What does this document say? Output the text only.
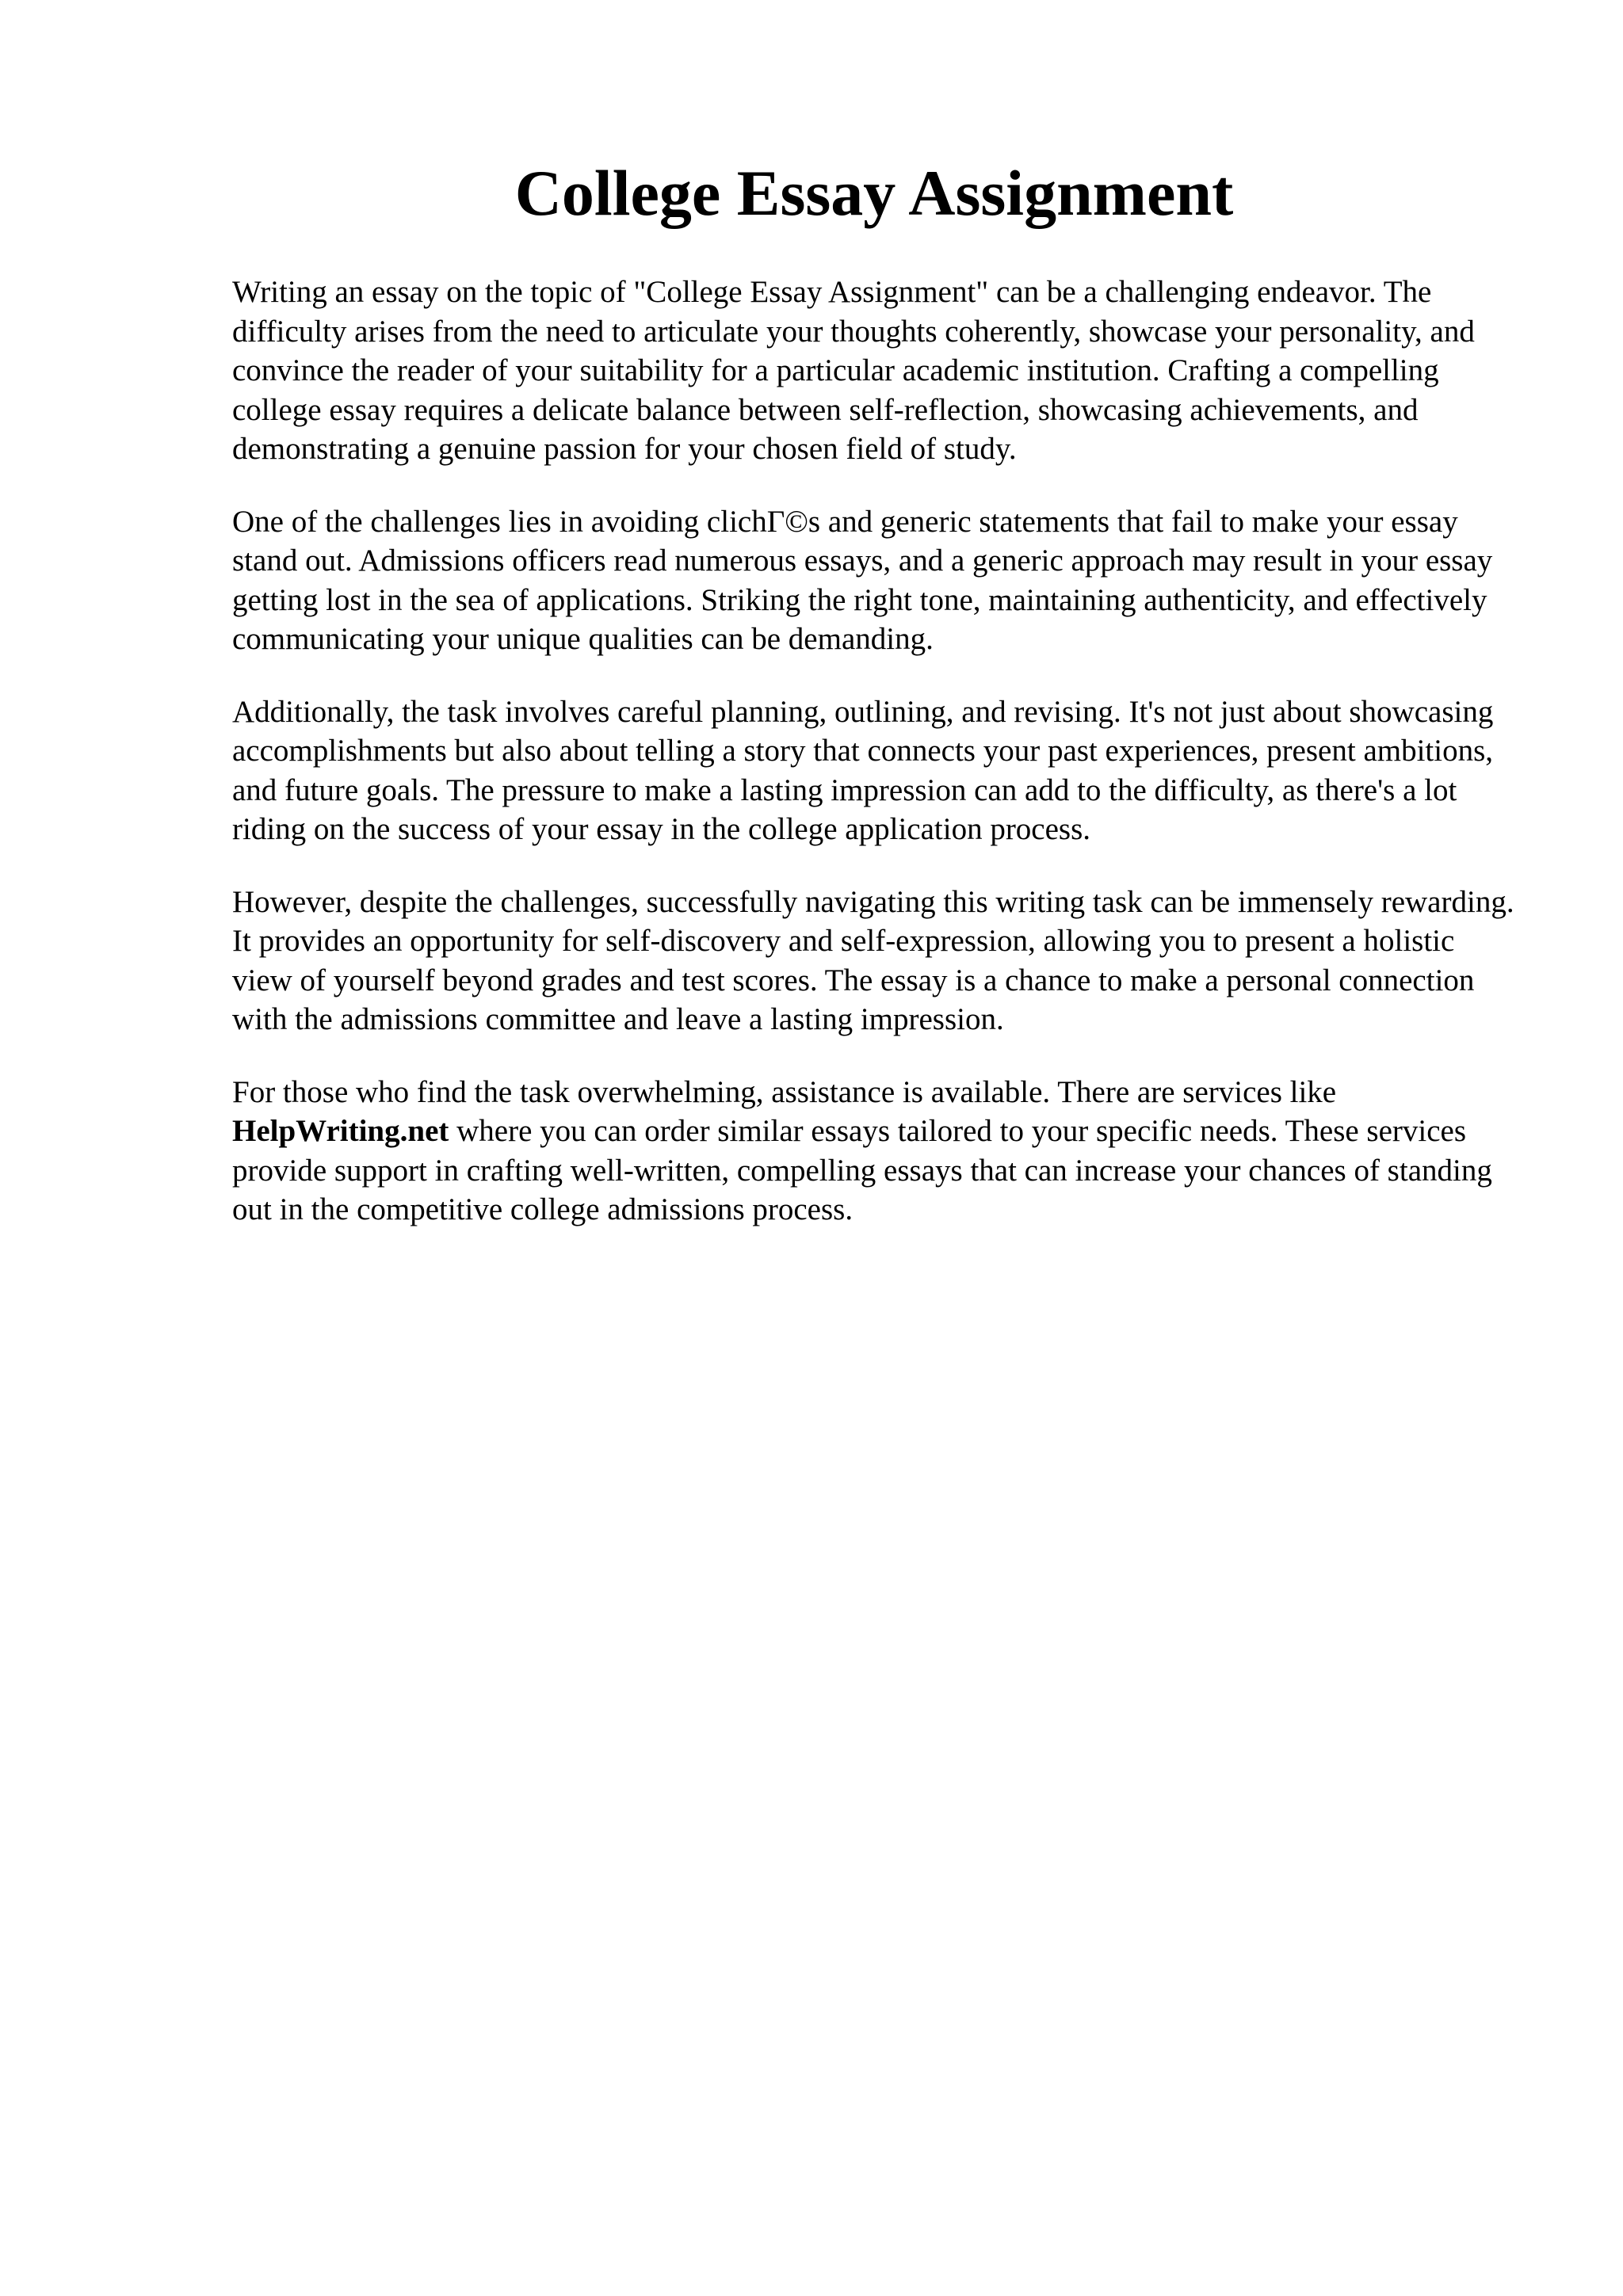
College Essay Assignment

Writing an essay on the topic of "College Essay Assignment" can be a challenging endeavor. The difficulty arises from the need to articulate your thoughts coherently, showcase your personality, and convince the reader of your suitability for a particular academic institution. Crafting a compelling college essay requires a delicate balance between self-reflection, showcasing achievements, and demonstrating a genuine passion for your chosen field of study.

One of the challenges lies in avoiding clichГ©s and generic statements that fail to make your essay stand out. Admissions officers read numerous essays, and a generic approach may result in your essay getting lost in the sea of applications. Striking the right tone, maintaining authenticity, and effectively communicating your unique qualities can be demanding.

Additionally, the task involves careful planning, outlining, and revising. It's not just about showcasing accomplishments but also about telling a story that connects your past experiences, present ambitions, and future goals. The pressure to make a lasting impression can add to the difficulty, as there's a lot riding on the success of your essay in the college application process.

However, despite the challenges, successfully navigating this writing task can be immensely rewarding. It provides an opportunity for self-discovery and self-expression, allowing you to present a holistic view of yourself beyond grades and test scores. The essay is a chance to make a personal connection with the admissions committee and leave a lasting impression.

For those who find the task overwhelming, assistance is available. There are services like HelpWriting.net where you can order similar essays tailored to your specific needs. These services provide support in crafting well-written, compelling essays that can increase your chances of standing out in the competitive college admissions process.
